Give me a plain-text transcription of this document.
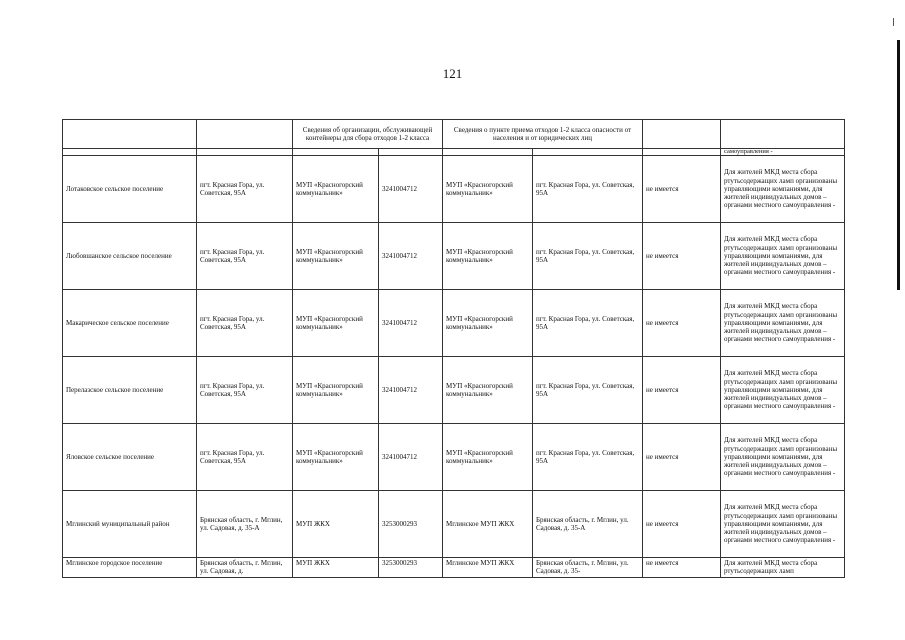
121
		Сведения об организации, обслуживающей контейнеры для сбора отходов 1-2 класса		Сведения о пункте приема отходов 1-2 класса опасности от населения и от юридических лиц			
							самоуправления -
Лотаковское сельское поселение	пгт. Красная Гора, ул. Советская, 95А	МУП «Красногорский коммунальник»	3241004712	МУП «Красногорский коммунальник»	пгт. Красная Гора, ул. Советская, 95А	не имеется	Для жителей МКД места сбора ртутьсодержащих ламп организованы управляющими компаниями, для жителей индивидуальных домов – органами местного самоуправления -
Любовшанское сельское поселение	пгт. Красная Гора, ул. Советская, 95А	МУП «Красногорский коммунальник»	3241004712	МУП «Красногорский коммунальник»	пгт. Красная Гора, ул. Советская, 95А	не имеется	Для жителей МКД места сбора ртутьсодержащих ламп организованы управляющими компаниями, для жителей индивидуальных домов – органами местного самоуправления -
Макарическое сельское поселение	пгт. Красная Гора, ул. Советская, 95А	МУП «Красногорский коммунальник»	3241004712	МУП «Красногорский коммунальник»	пгт. Красная Гора, ул. Советская, 95А	не имеется	Для жителей МКД места сбора ртутьсодержащих ламп организованы управляющими компаниями, для жителей индивидуальных домов – органами местного самоуправления -
Перелазское сельское поселение	пгт. Красная Гора, ул. Советская, 95А	МУП «Красногорский коммунальник»	3241004712	МУП «Красногорский коммунальник»	пгт. Красная Гора, ул. Советская, 95А	не имеется	Для жителей МКД места сбора ртутьсодержащих ламп организованы управляющими компаниями, для жителей индивидуальных домов – органами местного самоуправления -
Яловское сельское поселение	пгт. Красная Гора, ул. Советская, 95А	МУП «Красногорский коммунальник»	3241004712	МУП «Красногорский коммунальник»	пгт. Красная Гора, ул. Советская, 95А	не имеется	Для жителей МКД места сбора ртутьсодержащих ламп организованы управляющими компаниями, для жителей индивидуальных домов – органами местного самоуправления -
Мглинский муниципальный район	Брянская область, г. Мглин, ул. Садовая, д. 35-А	МУП ЖКХ	3253000293	Мглинское МУП ЖКХ	Брянская область, г. Мглин, ул. Садовая, д. 35-А	не имеется	Для жителей МКД места сбора ртутьсодержащих ламп организованы управляющими компаниями, для жителей индивидуальных домов – органами местного самоуправления -
Мглинское городское поселение	Брянская область, г. Мглин, ул. Садовая, д.	МУП ЖКХ	3253000293	Мглинское МУП ЖКХ	Брянская область, г. Мглин, ул. Садовая, д. 35-	не имеется	Для жителей МКД места сбора ртутьсодержащих ламп
